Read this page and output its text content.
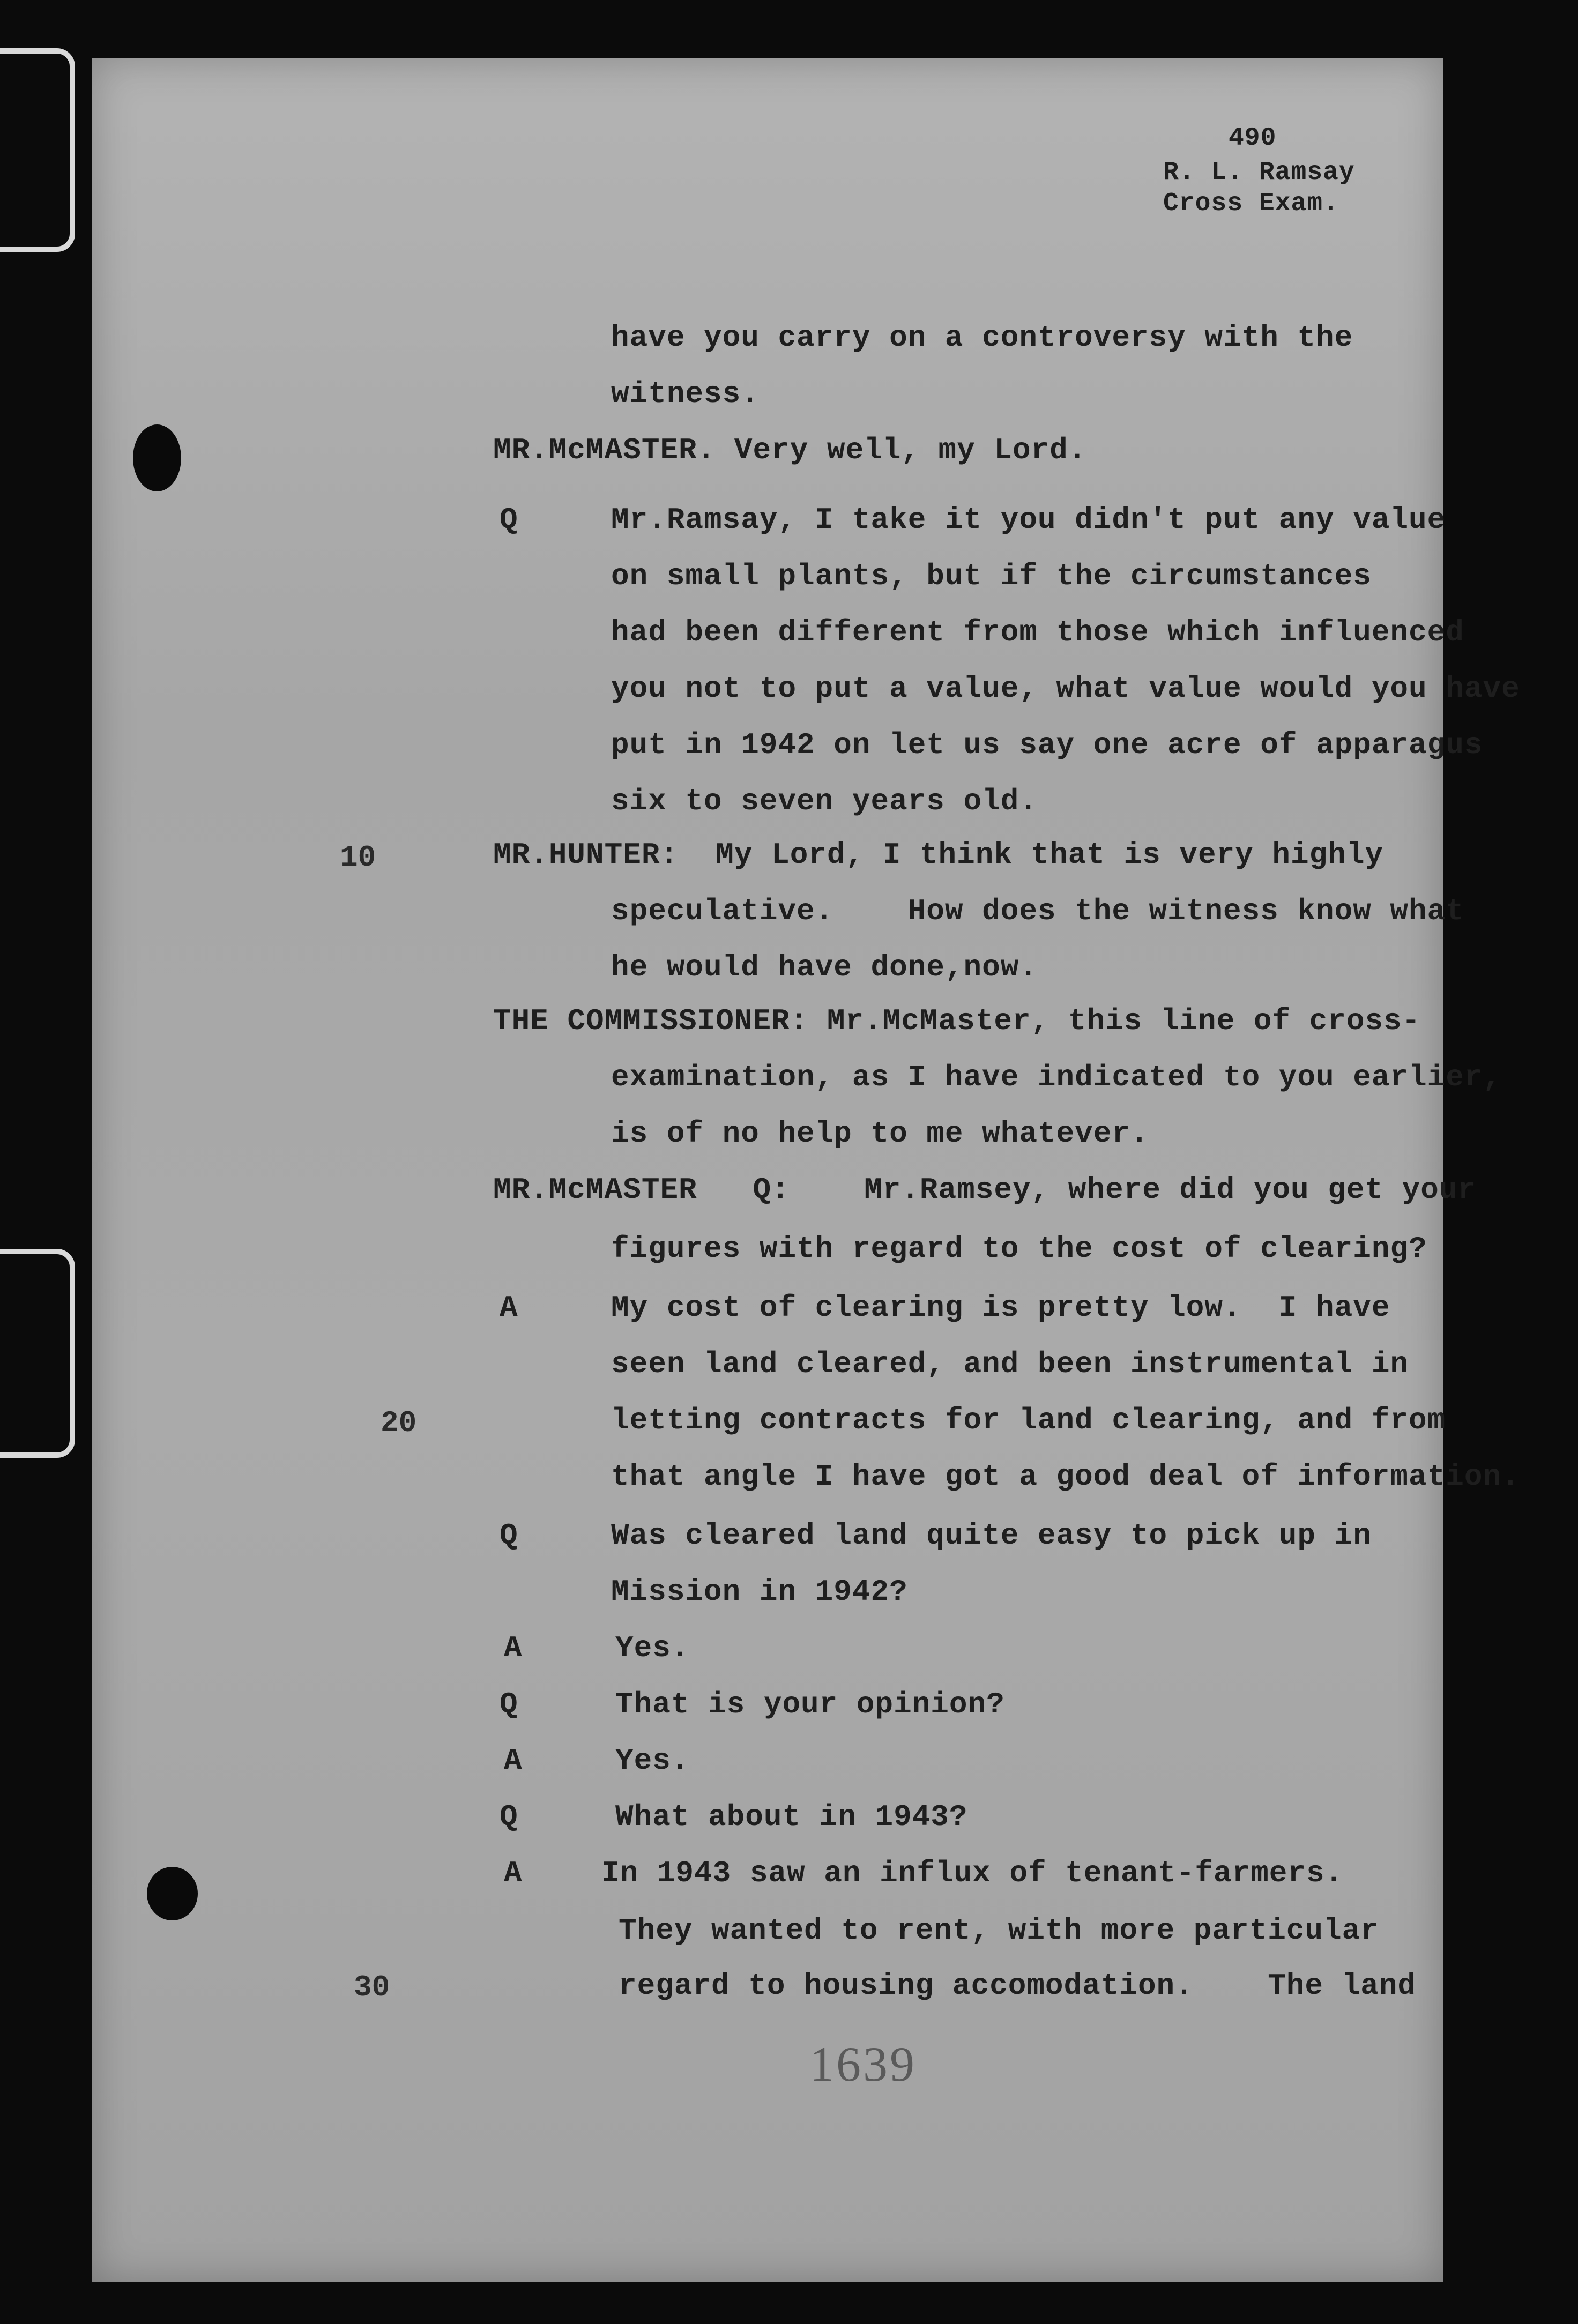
490

R. L. Ramsay

Cross Exam.

Q

A

Q

A

Q

A

Q

A

have you carry on a controversy with the

witness.

MR.McMASTER. Very well, my Lord.

Mr.Ramsay, I take it you didn't put any value

on small plants, but if the circumstances

had been different from those which influenced

you not to put a value, what value would you have

put in 1942 on let us say one acre of apparagus

six to seven years old.

MR.HUNTER:  My Lord, I think that is very highly

speculative.    How does the witness know what

he would have done,now.

THE COMMISSIONER: Mr.McMaster, this line of cross-

examination, as I have indicated to you earlier,

is of no help to me whatever.

MR.McMASTER   Q:    Mr.Ramsey, where did you get your

figures with regard to the cost of clearing?

My cost of clearing is pretty low.  I have

seen land cleared, and been instrumental in

letting contracts for land clearing, and from

that angle I have got a good deal of information.

Was cleared land quite easy to pick up in

Mission in 1942?

Yes.

That is your opinion?

Yes.

What about in 1943?

In 1943 saw an influx of tenant-farmers.

They wanted to rent, with more particular

regard to housing accomodation.    The land

10

20

30

1639
